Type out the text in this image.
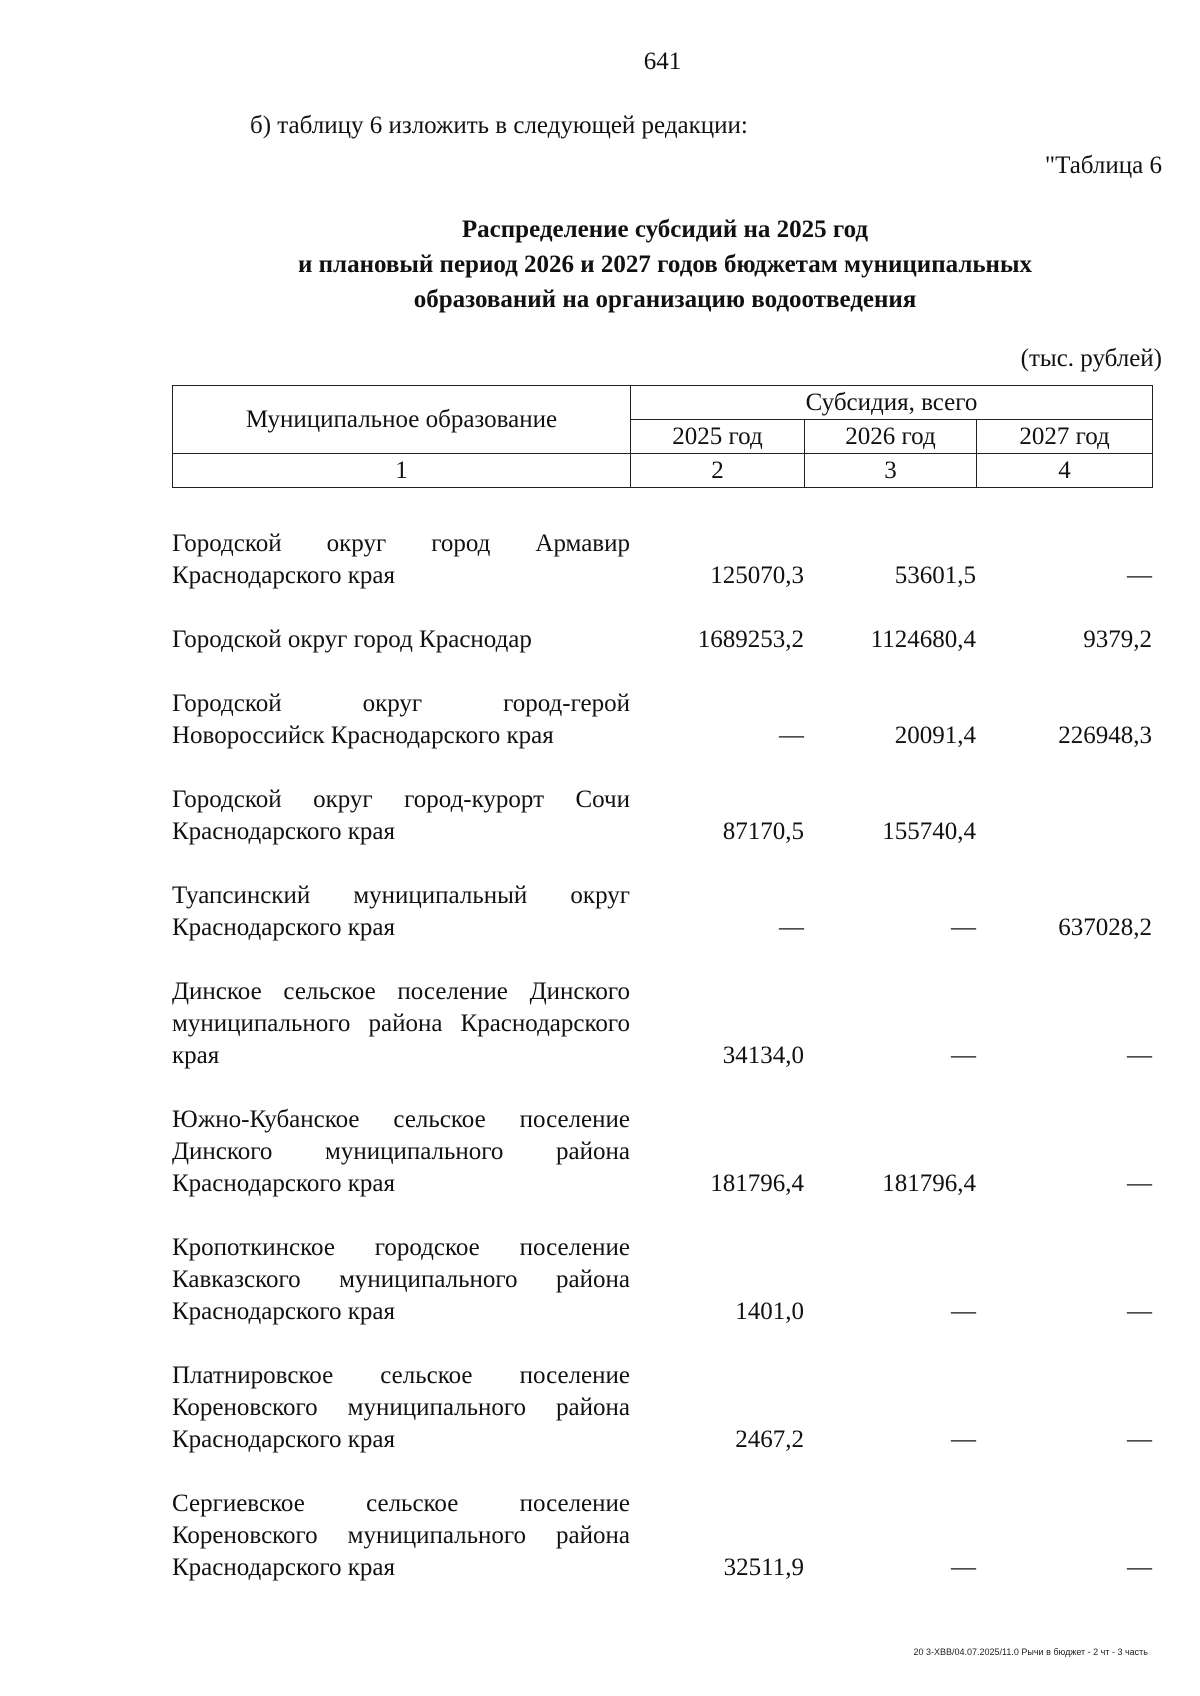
641
б) таблицу 6 изложить в следующей редакции:
"Таблица 6
Распределение субсидий на 2025 год
и плановый период 2026 и 2027 годов бюджетам муниципальных
образований на организацию водоотведения
(тыс. рублей)
Муниципальное образование	Субсидия, всего		
	2025 год	2026 год	2027 год
1	2	3	4
Городской округ город Армавир Краснодарского края	125070,3	53601,5	—
Городской округ город Краснодар	1689253,2	1124680,4	9379,2
Городской округ город-герой Новороссийск Краснодарского края	—	20091,4	226948,3
Городской округ город-курорт Сочи Краснодарского края	87170,5	155740,4
Туапсинский муниципальный округ Краснодарского края	—	—	637028,2
Динское сельское поселение Динского муниципального района Краснодарского края	34134,0	—	—
Южно-Кубанское сельское поселение Динского муниципального района Краснодарского края	181796,4	181796,4	—
Кропоткинское городское поселение Кавказского муниципального района Краснодарского края	1401,0	—	—
Платнировское сельское поселение Кореновского муниципального района Краснодарского края	2467,2	—	—
Сергиевское сельское поселение Кореновского муниципального района Краснодарского края	32511,9	—	—
20 3-ХВВ/04.07.2025/11.0 Рычи в бюджет - 2 чт - 3 часть
